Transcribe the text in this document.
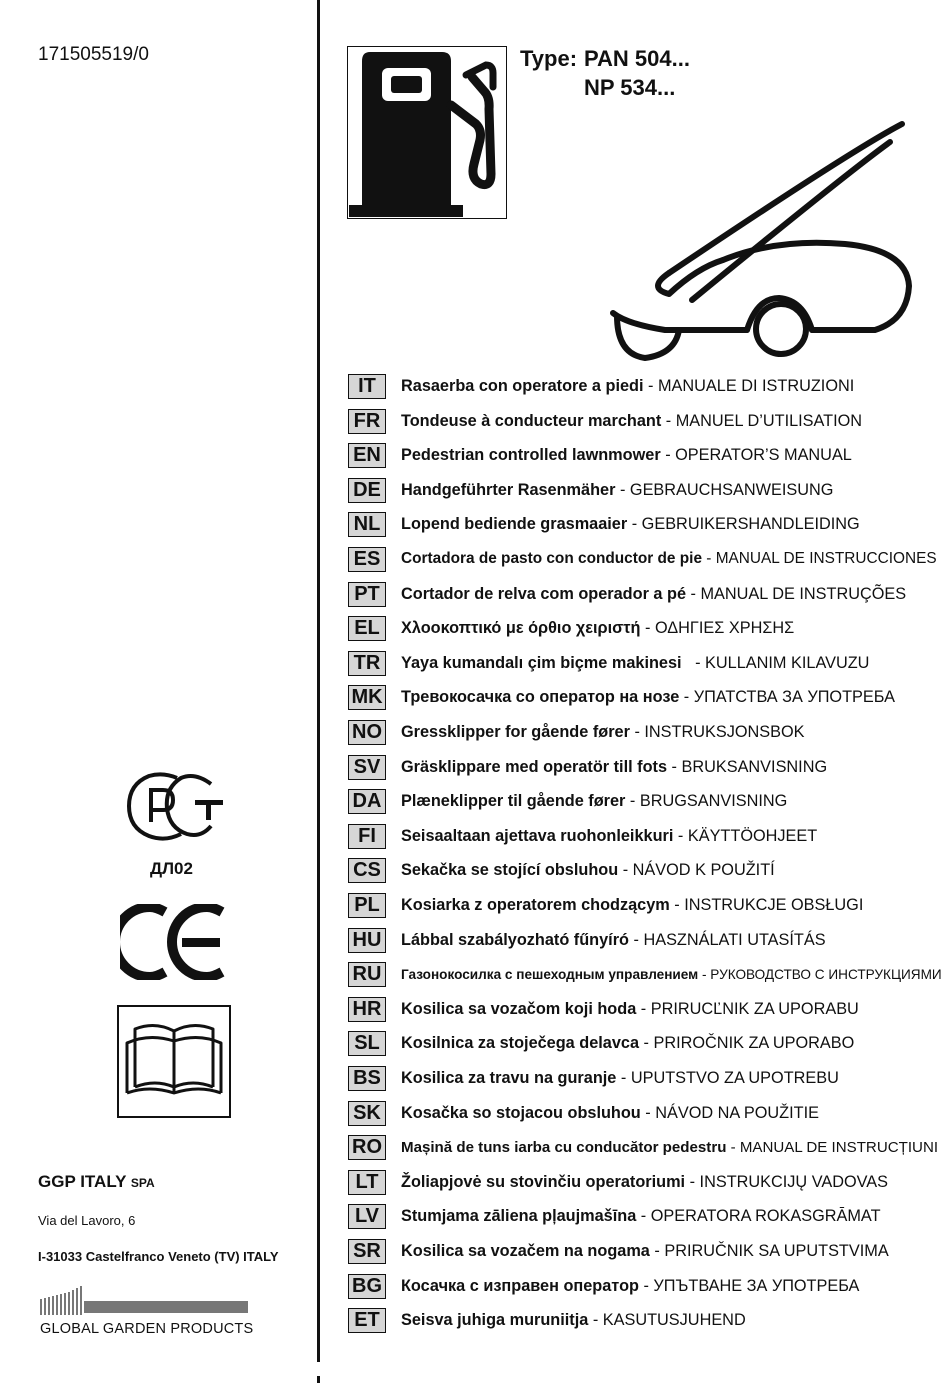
171505519/0	Type: PAN 504...
NP 534...
IT	Rasaerba con operatore a piedi - MANUALE DI ISTRUZIONI
FR	Tondeuse à conducteur marchant - MANUEL D’UTILISATION
EN	Pedestrian controlled lawnmower - OPERATOR’S MANUAL
DE	Handgeführter Rasenmäher - GEBRAUCHSANWEISUNG
NL	Lopend bediende grasmaaier - GEBRUIKERSHANDLEIDING
ES	Cortadora de pasto con conductor de pie - MANUAL DE INSTRUCCIONES
PT	Cortador de relva com operador a pé - MANUAL DE INSTRUÇÕES
EL	Χλοοκοπτικό με όρθιο χειριστή - ΟΔΗΓΙΕΣ ΧΡΗΣΗΣ
TR	Yaya kumandalı çim biçme makinesi   - KULLANIM KILAVUZU
MK Тревокосачка со оператор на нозе - УПАТСТВА ЗА УПОТРЕБА
NO Gressklipper for gående fører - INSTRUKSJONSBOK
SV	Gräsklippare med operatör till fots - BRUKSANVISNING
DA Plæneklipper til gående fører - BRUGSANVISNING
FI	Seisaaltaan ajettava ruohonleikkuri - KÄYTTÖOHJEET
CS	Sekačka se stojící obsluhou - NÁVOD K POUŽITÍ
PL	Kosiarka z operatorem chodzącym - INSTRUKCJE OBSŁUGI
HU Lábbal szabályozható fűnyíró - HASZNÁLATI UTASÍTÁS
RU	Газонокосилка с пешеходным управлением - РУКОВОДСТВО С ИНСТРУКЦИЯМИ
HR Kosilica sa vozačom koji hoda - PRIRUCĽNIK ZA UPORABU
SL	Kosilnica za stoječega delavca - PRIROČNIK ZA UPORABO
BS	Kosilica za travu na guranje - UPUTSTVO ZA UPOTREBU
SK	Kosačka so stojacou obsluhou - NÁVOD NA POUŽITIE
RO Mașină de tuns iarba cu conducător pedestru - MANUAL DE INSTRUCȚIUNI
LT	Žoliapjovė su stovinčiu operatoriumi - INSTRUKCIJŲ VADOVAS
LV	Stumjama zāliena pļaujmašīna - OPERATORA ROKASGRĀMAT
SR	Kosilica sa vozačem na nogama - PRIRUČNIK SA UPUTSTVIMA
BG Косачка с изправен оператор - УПЪТВАНЕ ЗА УПОТРЕБА
ET	Seisva juhiga muruniitja - KASUTUSJUHEND
ДЛ02
GGP ITALY SPA
Via del Lavoro, 6
I-31033 Castelfranco Veneto (TV) ITALY
GLOBAL GARDEN PRODUCTS
